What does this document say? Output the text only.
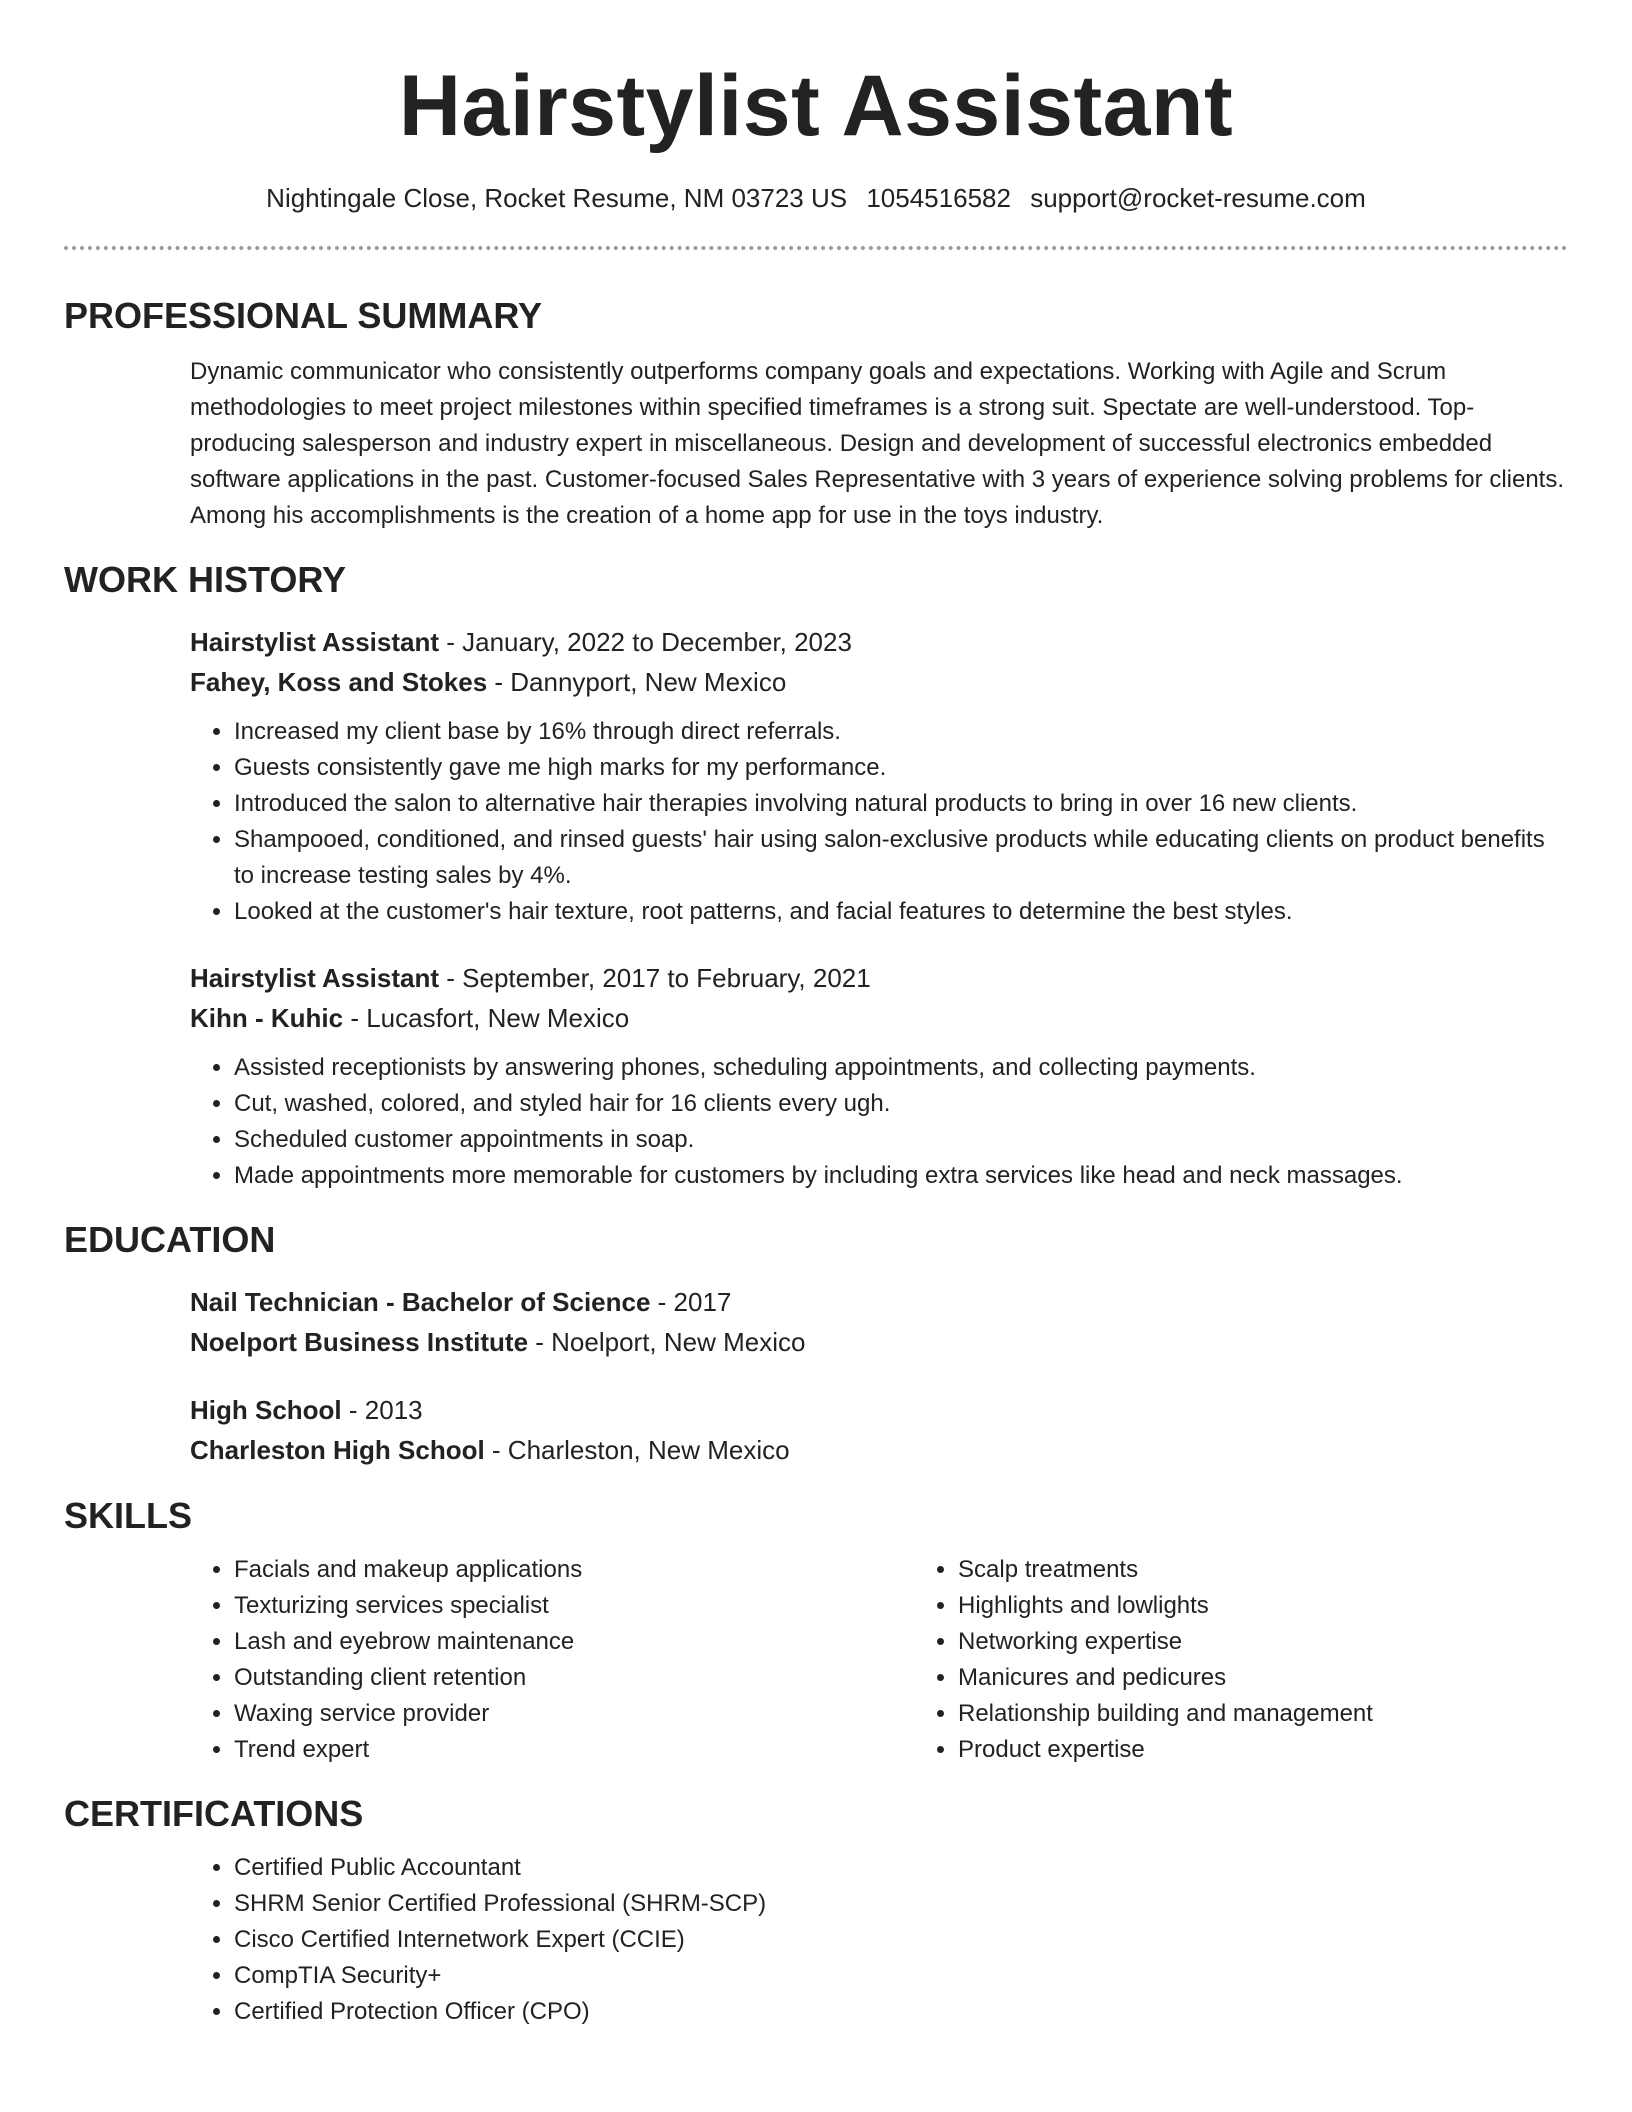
Hairstylist Assistant
Nightingale Close, Rocket Resume, NM 03723 US 1054516582 support@rocket-resume.com
PROFESSIONAL SUMMARY

Dynamic communicator who consistently outperforms company goals and expectations. Working with Agile and Scrum methodologies to meet project milestones within specified timeframes is a strong suit. Spectate are well-understood. Top-producing salesperson and industry expert in miscellaneous. Design and development of successful electronics embedded software applications in the past. Customer-focused Sales Representative with 3 years of experience solving problems for clients. Among his accomplishments is the creation of a home app for use in the toys industry.

WORK HISTORY
Hairstylist Assistant - January, 2022 to December, 2023
Fahey, Koss and Stokes - Dannyport, New Mexico
• Increased my client base by 16% through direct referrals.
• Guests consistently gave me high marks for my performance.
• Introduced the salon to alternative hair therapies involving natural products to bring in over 16 new clients.
• Shampooed, conditioned, and rinsed guests' hair using salon-exclusive products while educating clients on product benefits to increase testing sales by 4%.
• Looked at the customer's hair texture, root patterns, and facial features to determine the best styles.
Hairstylist Assistant - September, 2017 to February, 2021
Kihn - Kuhic - Lucasfort, New Mexico
• Assisted receptionists by answering phones, scheduling appointments, and collecting payments.
• Cut, washed, colored, and styled hair for 16 clients every ugh.
• Scheduled customer appointments in soap.
• Made appointments more memorable for customers by including extra services like head and neck massages.
EDUCATION
Nail Technician - Bachelor of Science - 2017
Noelport Business Institute - Noelport, New Mexico
High School - 2013
Charleston High School - Charleston, New Mexico
SKILLS
• Facials and makeup applications
• Texturizing services specialist
• Lash and eyebrow maintenance
• Outstanding client retention
• Waxing service provider
• Trend expert
• Scalp treatments
• Highlights and lowlights
• Networking expertise
• Manicures and pedicures
• Relationship building and management
• Product expertise
CERTIFICATIONS
• Certified Public Accountant
• SHRM Senior Certified Professional (SHRM-SCP)
• Cisco Certified Internetwork Expert (CCIE)
• CompTIA Security+
• Certified Protection Officer (CPO)
